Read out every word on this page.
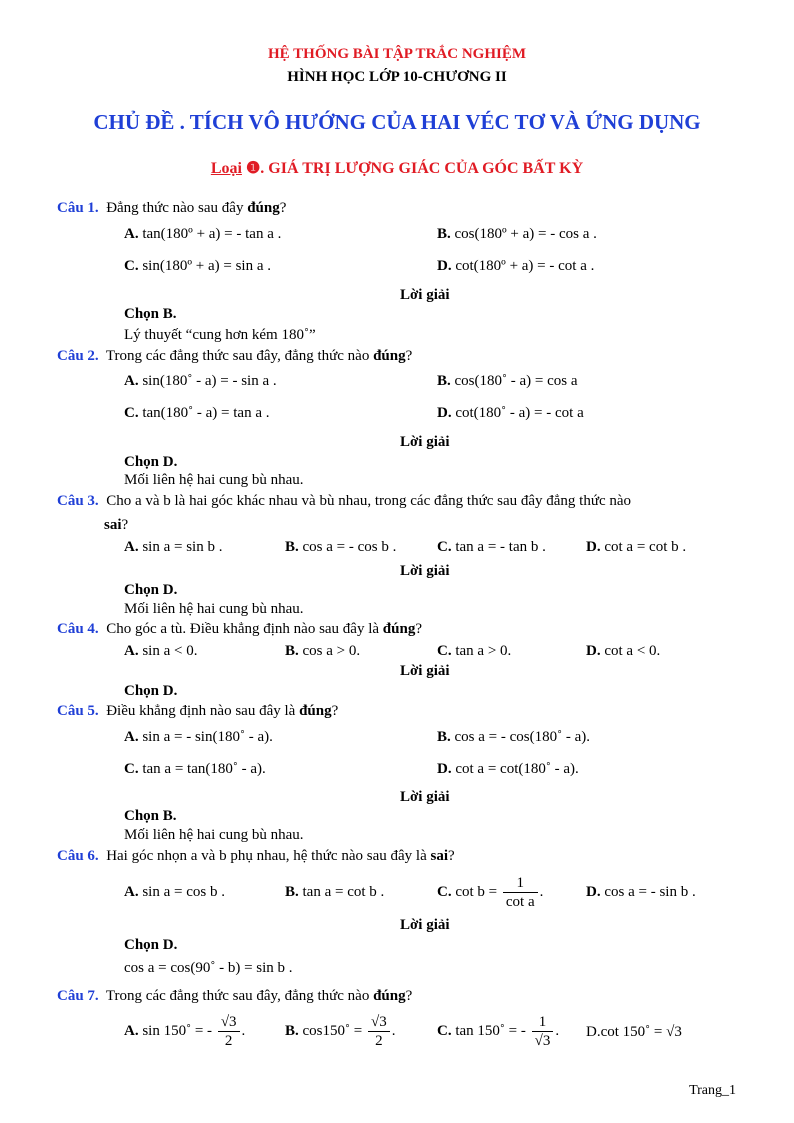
HỆ THỐNG BÀI TẬP TRẮC NGHIỆM
HÌNH HỌC LỚP 10-CHƯƠNG II
CHỦ ĐỀ . TÍCH VÔ HƯỚNG CỦA HAI VÉC TƠ VÀ ỨNG DỤNG
Loại ❶. GIÁ TRỊ LƯỢNG GIÁC CỦA GÓC BẤT KỲ
Câu 1. Đẳng thức nào sau đây đúng?
A. tan(180º + a) = - tan a .	B. cos(180º + a) = - cos a .
C. sin(180º + a) = sin a .	D. cot(180º + a) = - cot a .
Lời giải
Chọn B.
Lý thuyết “cung hơn kém 180˚”
Câu 2. Trong các đẳng thức sau đây, đẳng thức nào đúng?
A. sin(180˚ - a) = - sin a .	B. cos(180˚ - a) = cos a
C. tan(180˚ - a) = tan a .	D. cot(180˚ - a) = - cot a
Lời giải
Chọn D.
Mối liên hệ hai cung bù nhau.
Câu 3. Cho a và b là hai góc khác nhau và bù nhau, trong các đẳng thức sau đây đẳng thức nào
sai?
A. sin a = sin b .	B. cos a = - cos b .	C. tan a = - tan b .	D. cot a = cot b .
Lời giải
Chọn D.
Mối liên hệ hai cung bù nhau.
Câu 4. Cho góc a tù. Điều khẳng định nào sau đây là đúng?
A. sin a < 0.	B. cos a > 0.	C. tan a > 0.	D. cot a < 0.
Lời giải
Chọn D.
Câu 5. Điều khẳng định nào sau đây là đúng?
A. sin a = - sin(180˚ - a).	B. cos a = - cos(180˚ - a).
C. tan a = tan(180˚ - a).	D. cot a = cot(180˚ - a).
Lời giải
Chọn B.
Mối liên hệ hai cung bù nhau.
Câu 6. Hai góc nhọn a và b phụ nhau, hệ thức nào sau đây là sai?
A. sin a = cos b .	B. tan a = cot b .	C. $\cot b = \frac{1}{\text{cot a}}$ .	D. cos a = - sin b .
Lời giải
Chọn D.
cos a = cos(90˚ - b) = sin b .
Câu 7. Trong các đẳng thức sau đây, đẳng thức nào đúng?
A. sin 150˚ = - $\frac{√3}{2}$ .	B. cos150˚ = $\frac{√3}{2}$ .	C. tan 150˚ = - $\frac{1}{√3}$ . D.cot 150˚ = √3
Trang_1
